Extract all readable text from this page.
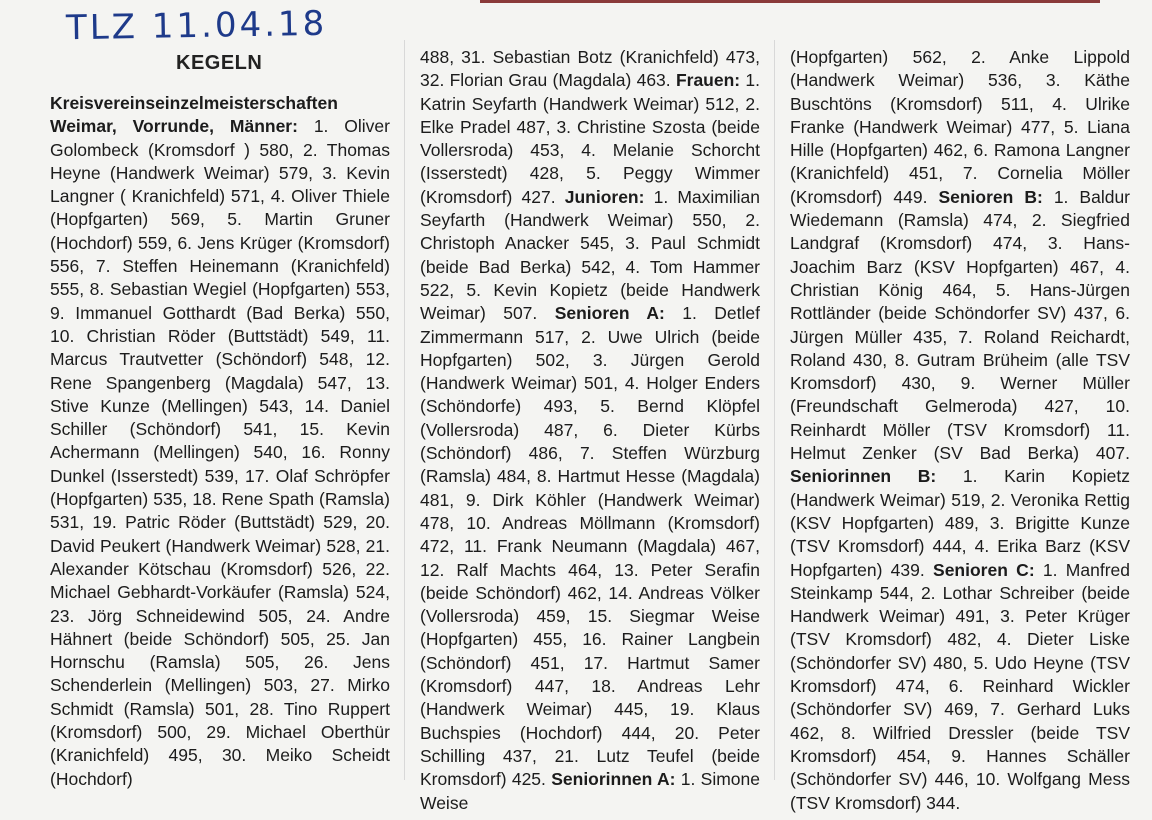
TLZ 11.04.18
KEGELN

Kreisvereinseinzelmeisterschaften Weimar, Vorrunde, Männer: 1. Oliver Golombeck (Kromsdorf ) 580, 2. Thomas Heyne (Handwerk Weimar) 579, 3. Kevin Langner ( Kranichfeld) 571, 4. Oliver Thiele (Hopfgarten) 569, 5. Martin Gruner (Hochdorf) 559, 6. Jens Krüger (Kromsdorf) 556, 7. Steffen Heinemann (Kranichfeld) 555, 8. Sebastian Wegiel (Hopfgarten) 553, 9. Immanuel Gotthardt (Bad Berka) 550, 10. Christian Röder (Buttstädt) 549, 11. Marcus Trautvetter (Schöndorf) 548, 12. Rene Spangenberg (Magdala) 547, 13. Stive Kunze (Mellingen) 543, 14. Daniel Schiller (Schöndorf) 541, 15. Kevin Achermann (Mellingen) 540, 16. Ronny Dunkel (Isserstedt) 539, 17. Olaf Schröpfer (Hopfgarten) 535, 18. Rene Spath (Ramsla) 531, 19. Patric Röder (Buttstädt) 529, 20. David Peukert (Handwerk Weimar) 528, 21. Alexander Kötschau (Kromsdorf) 526, 22. Michael Gebhardt-Vorkäufer (Ramsla) 524, 23. Jörg Schneidewind 505, 24. Andre Hähnert (beide Schöndorf) 505, 25. Jan Hornschu (Ramsla) 505, 26. Jens Schenderlein (Mellingen) 503, 27. Mirko Schmidt (Ramsla) 501, 28. Tino Ruppert (Kromsdorf) 500, 29. Michael Oberthür (Kranichfeld) 495, 30. Meiko Scheidt (Hochdorf)

488, 31. Sebastian Botz (Kranichfeld) 473, 32. Florian Grau (Magdala) 463. Frauen: 1. Katrin Seyfarth (Handwerk Weimar) 512, 2. Elke Pradel 487, 3. Christine Szosta (beide Vollersroda) 453, 4. Melanie Schorcht (Isserstedt) 428, 5. Peggy Wimmer (Kromsdorf) 427. Junioren: 1. Maximilian Seyfarth (Handwerk Weimar) 550, 2. Christoph Anacker 545, 3. Paul Schmidt (beide Bad Berka) 542, 4. Tom Hammer 522, 5. Kevin Kopietz (beide Handwerk Weimar) 507. Senioren A: 1. Detlef Zimmermann 517, 2. Uwe Ulrich (beide Hopfgarten) 502, 3. Jürgen Gerold (Handwerk Weimar) 501, 4. Holger Enders (Schöndorfe) 493, 5. Bernd Klöpfel (Vollersroda) 487, 6. Dieter Kürbs (Schöndorf) 486, 7. Steffen Würzburg (Ramsla) 484, 8. Hartmut Hesse (Magdala) 481, 9. Dirk Köhler (Handwerk Weimar) 478, 10. Andreas Möllmann (Kromsdorf) 472, 11. Frank Neumann (Magdala) 467, 12. Ralf Machts 464, 13. Peter Serafin (beide Schöndorf) 462, 14. Andreas Völker (Vollersroda) 459, 15. Siegmar Weise (Hopfgarten) 455, 16. Rainer Langbein (Schöndorf) 451, 17. Hartmut Samer (Kromsdorf) 447, 18. Andreas Lehr (Handwerk Weimar) 445, 19. Klaus Buchspies (Hochdorf) 444, 20. Peter Schilling 437, 21. Lutz Teufel (beide Kromsdorf) 425. Seniorinnen A: 1. Simone Weise

(Hopfgarten) 562, 2. Anke Lippold (Handwerk Weimar) 536, 3. Käthe Buschtöns (Kromsdorf) 511, 4. Ulrike Franke (Handwerk Weimar) 477, 5. Liana Hille (Hopfgarten) 462, 6. Ramona Langner (Kranichfeld) 451, 7. Cornelia Möller (Kromsdorf) 449. Senioren B: 1. Baldur Wiedemann (Ramsla) 474, 2. Siegfried Landgraf (Kromsdorf) 474, 3. Hans-Joachim Barz (KSV Hopfgarten) 467, 4. Christian König 464, 5. Hans-Jürgen Rottländer (beide Schöndorfer SV) 437, 6. Jürgen Müller 435, 7. Roland Reichardt, Roland 430, 8. Gutram Brüheim (alle TSV Kromsdorf) 430, 9. Werner Müller (Freundschaft Gelmeroda) 427, 10. Reinhardt Möller (TSV Kromsdorf) 11. Helmut Zenker (SV Bad Berka) 407. Seniorinnen B: 1. Karin Kopietz (Handwerk Weimar) 519, 2. Veronika Rettig (KSV Hopfgarten) 489, 3. Brigitte Kunze (TSV Kromsdorf) 444, 4. Erika Barz (KSV Hopfgarten) 439. Senioren C: 1. Manfred Steinkamp 544, 2. Lothar Schreiber (beide Handwerk Weimar) 491, 3. Peter Krüger (TSV Kromsdorf) 482, 4. Dieter Liske (Schöndorfer SV) 480, 5. Udo Heyne (TSV Kromsdorf) 474, 6. Reinhard Wickler (Schöndorfer SV) 469, 7. Gerhard Luks 462, 8. Wilfried Dressler (beide TSV Kromsdorf) 454, 9. Hannes Schäller (Schöndorfer SV) 446, 10. Wolfgang Mess (TSV Kromsdorf) 344.
